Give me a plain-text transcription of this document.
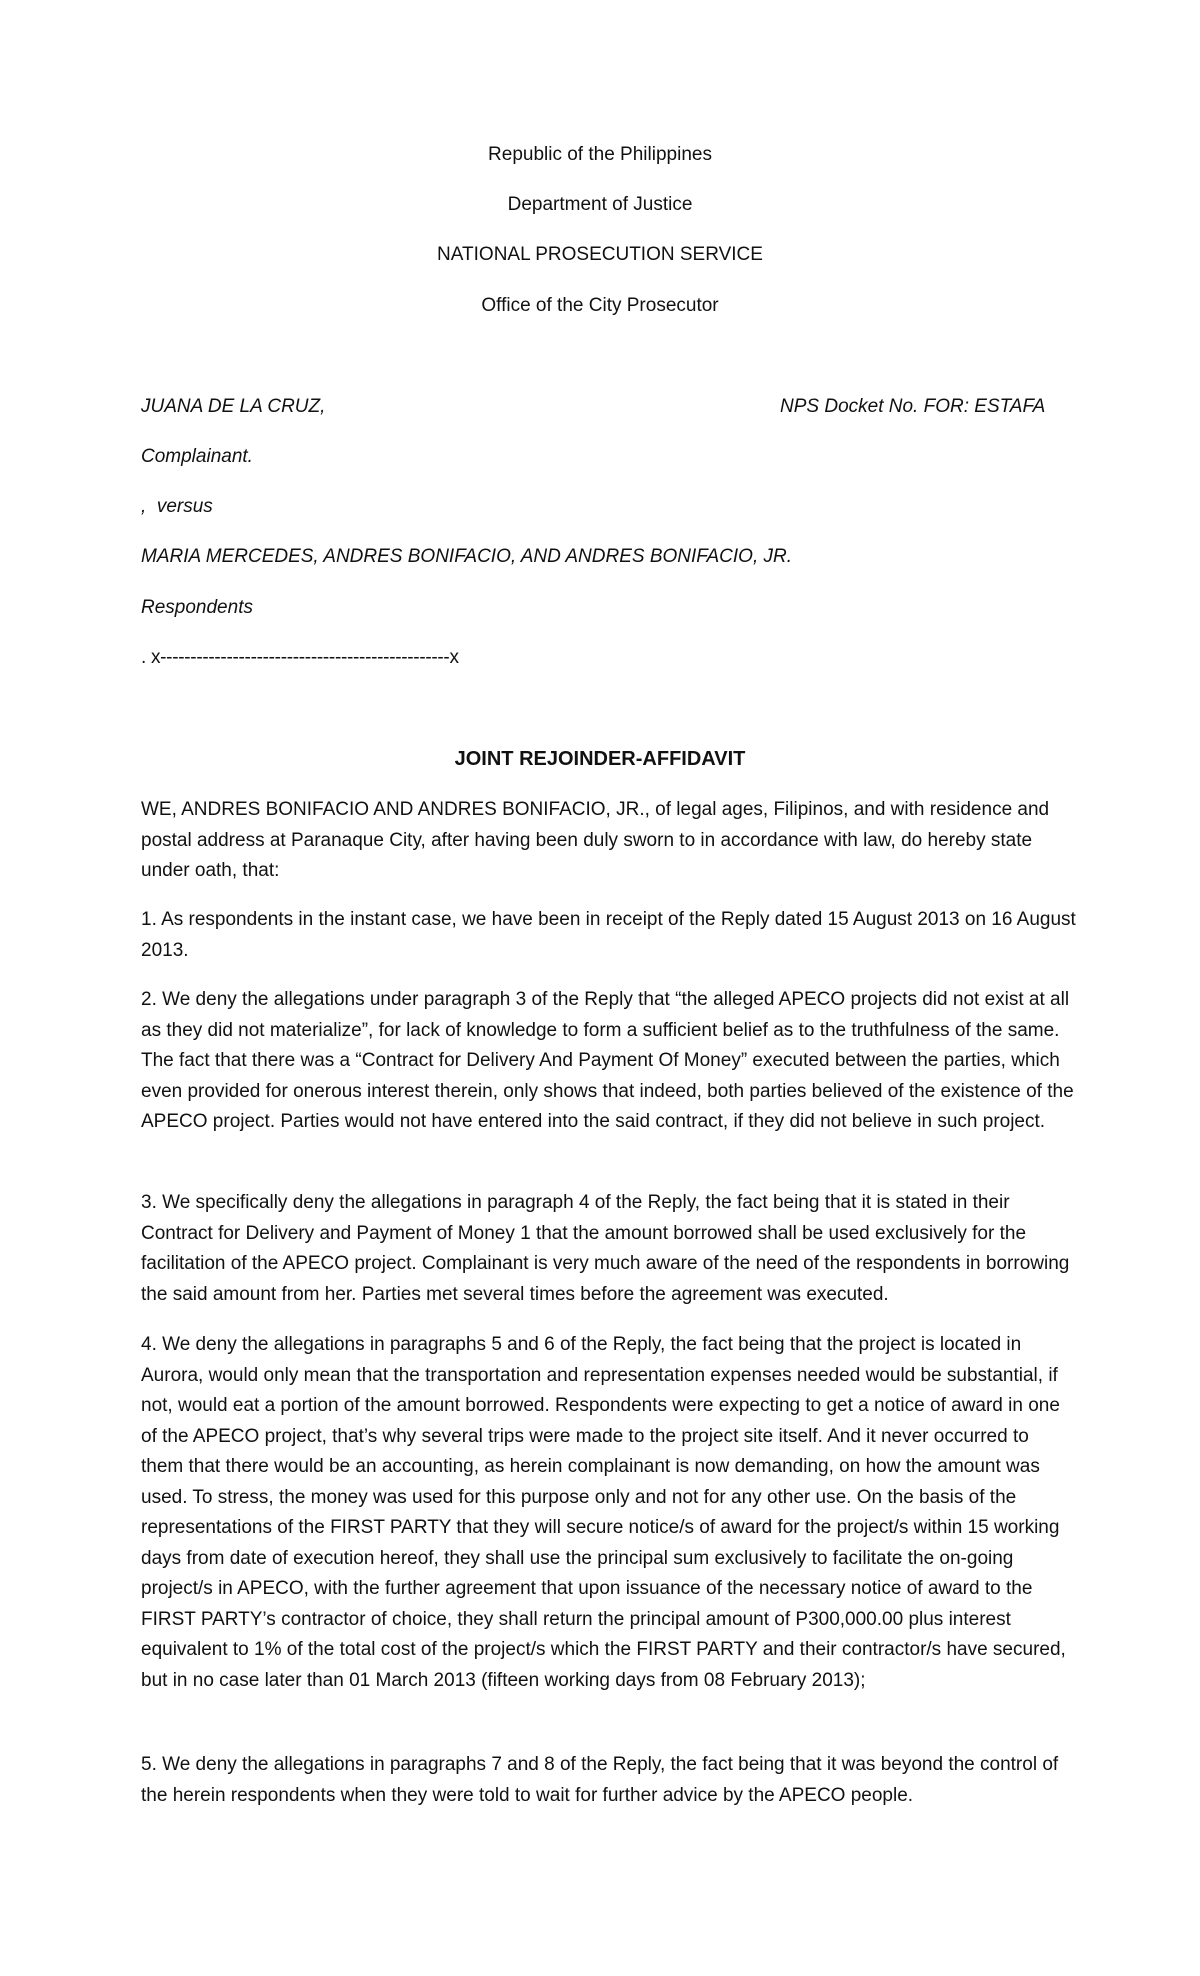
Republic of the Philippines
Department of Justice
NATIONAL PROSECUTION SERVICE
Office of the City Prosecutor
JUANA DE LA CRUZ,	NPS Docket No. FOR: ESTAFA
Complainant.
,  versus
MARIA MERCEDES, ANDRES BONIFACIO, AND ANDRES BONIFACIO, JR.
Respondents
. x------------------------------------------------x
JOINT REJOINDER-AFFIDAVIT

WE, ANDRES BONIFACIO AND ANDRES BONIFACIO, JR., of legal ages, Filipinos, and with residence and postal address at Paranaque City, after having been duly sworn to in accordance with law, do hereby state under oath, that:

1. As respondents in the instant case, we have been in receipt of the Reply dated 15 August 2013 on 16 August 2013.

2. We deny the allegations under paragraph 3 of the Reply that “the alleged APECO projects did not exist at all as they did not materialize”, for lack of knowledge to form a sufficient belief as to the truthfulness of the same. The fact that there was a “Contract for Delivery And Payment Of Money” executed between the parties, which even provided for onerous interest therein, only shows that indeed, both parties believed of the existence of the APECO project. Parties would not have entered into the said contract, if they did not believe in such project.

3. We specifically deny the allegations in paragraph 4 of the Reply, the fact being that it is stated in their Contract for Delivery and Payment of Money 1 that the amount borrowed shall be used exclusively for the facilitation of the APECO project. Complainant is very much aware of the need of the respondents in borrowing the said amount from her. Parties met several times before the agreement was executed.

4. We deny the allegations in paragraphs 5 and 6 of the Reply, the fact being that the project is located in Aurora, would only mean that the transportation and representation expenses needed would be substantial, if not, would eat a portion of the amount borrowed. Respondents were expecting to get a notice of award in one of the APECO project, that’s why several trips were made to the project site itself. And it never occurred to them that there would be an accounting, as herein complainant is now demanding, on how the amount was used. To stress, the money was used for this purpose only and not for any other use. On the basis of the representations of the FIRST PARTY that they will secure notice/s of award for the project/s within 15 working days from date of execution hereof, they shall use the principal sum exclusively to facilitate the on-going project/s in APECO, with the further agreement that upon issuance of the necessary notice of award to the FIRST PARTY’s contractor of choice, they shall return the principal amount of P300,000.00 plus interest equivalent to 1% of the total cost of the project/s which the FIRST PARTY and their contractor/s have secured, but in no case later than 01 March 2013 (fifteen working days from 08 February 2013);

5. We deny the allegations in paragraphs 7 and 8 of the Reply, the fact being that it was beyond the control of the herein respondents when they were told to wait for further advice by the APECO people.
